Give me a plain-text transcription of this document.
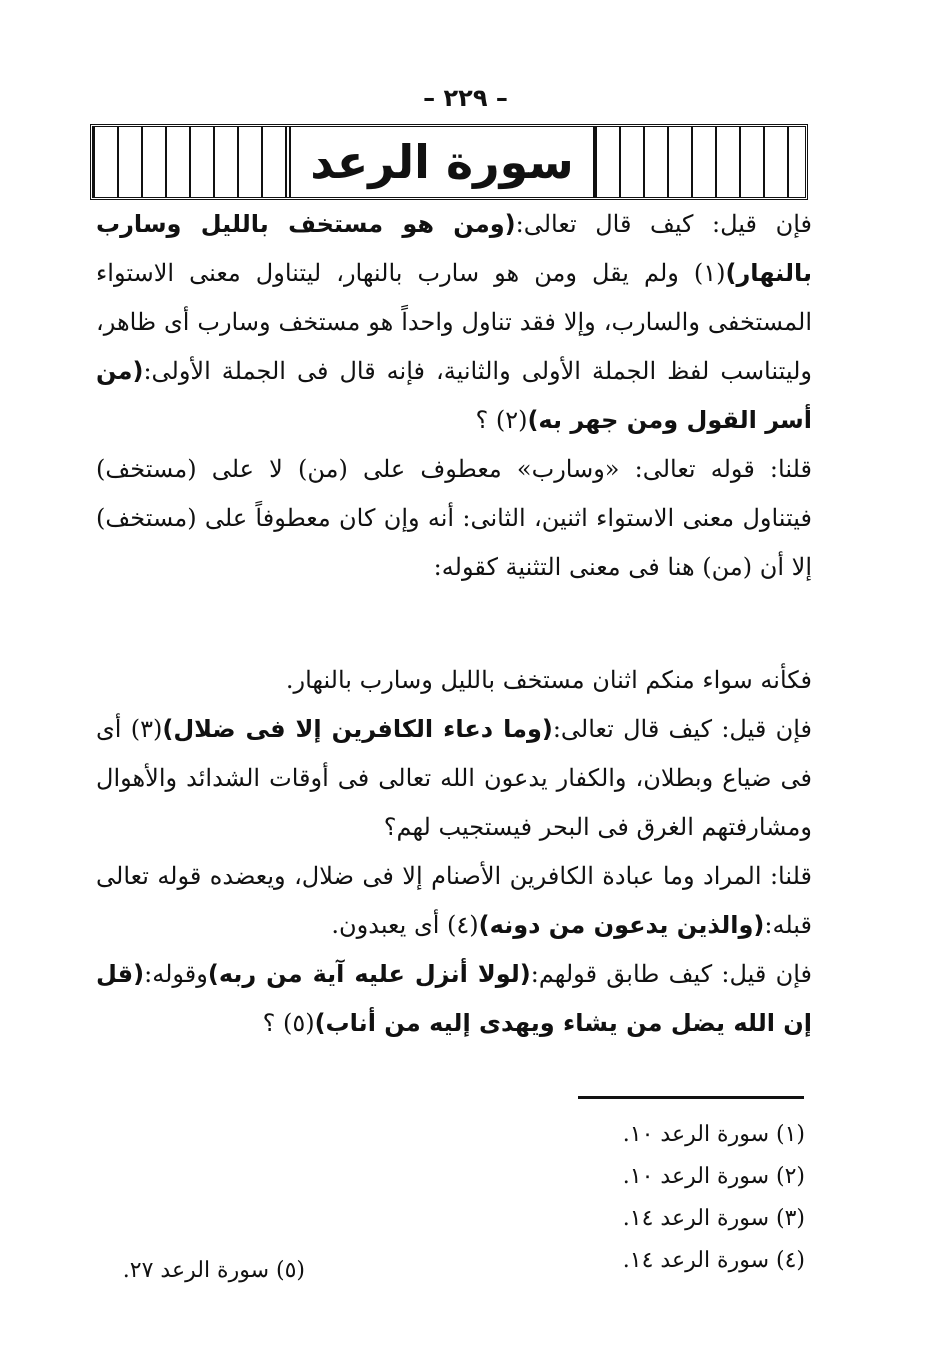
– ٢٢٩ –
سورة الرعد

فإن قيل: كيف قال تعالى:(ومن هو مستخف بالليل وسارب بالنهار)(١) ولم يقل ومن هو سارب بالنهار، ليتناول معنى الاستواء المستخفى والسارب، وإلا فقد تناول واحداً هو مستخف وسارب أى ظاهر، وليتناسب لفظ الجملة الأولى والثانية، فإنه قال فى الجملة الأولى:(من أسر القول ومن جهر به)(٢) ؟

قلنا: قوله تعالى: «وسارب» معطوف على (من) لا على (مستخف) فيتناول معنى الاستواء اثنين، الثانى: أنه وإن كان معطوفاً على (مستخف) إلا أن (من) هنا فى معنى التثنية كقوله:

فكأنه سواء منكم اثنان مستخف بالليل وسارب بالنهار.

فإن قيل: كيف قال تعالى:(وما دعاء الكافرين إلا فى ضلال)(٣) أى فى ضياع وبطلان، والكفار يدعون الله تعالى فى أوقات الشدائد والأهوال ومشارفتهم الغرق فى البحر فيستجيب لهم؟

قلنا: المراد وما عبادة الكافرين الأصنام إلا فى ضلال، ويعضده قوله تعالى قبله:(والذين يدعون من دونه)(٤) أى يعبدون.

فإن قيل: كيف طابق قولهم:(لولا أنزل عليه آية من ربه)وقوله:(قل إن الله يضل من يشاء ويهدى إليه من أناب)(٥) ؟

(١) سورة الرعد ١٠.
(٢) سورة الرعد ١٠.
(٣) سورة الرعد ١٤.
(٤) سورة الرعد ١٤.
(٥) سورة الرعد ٢٧.
